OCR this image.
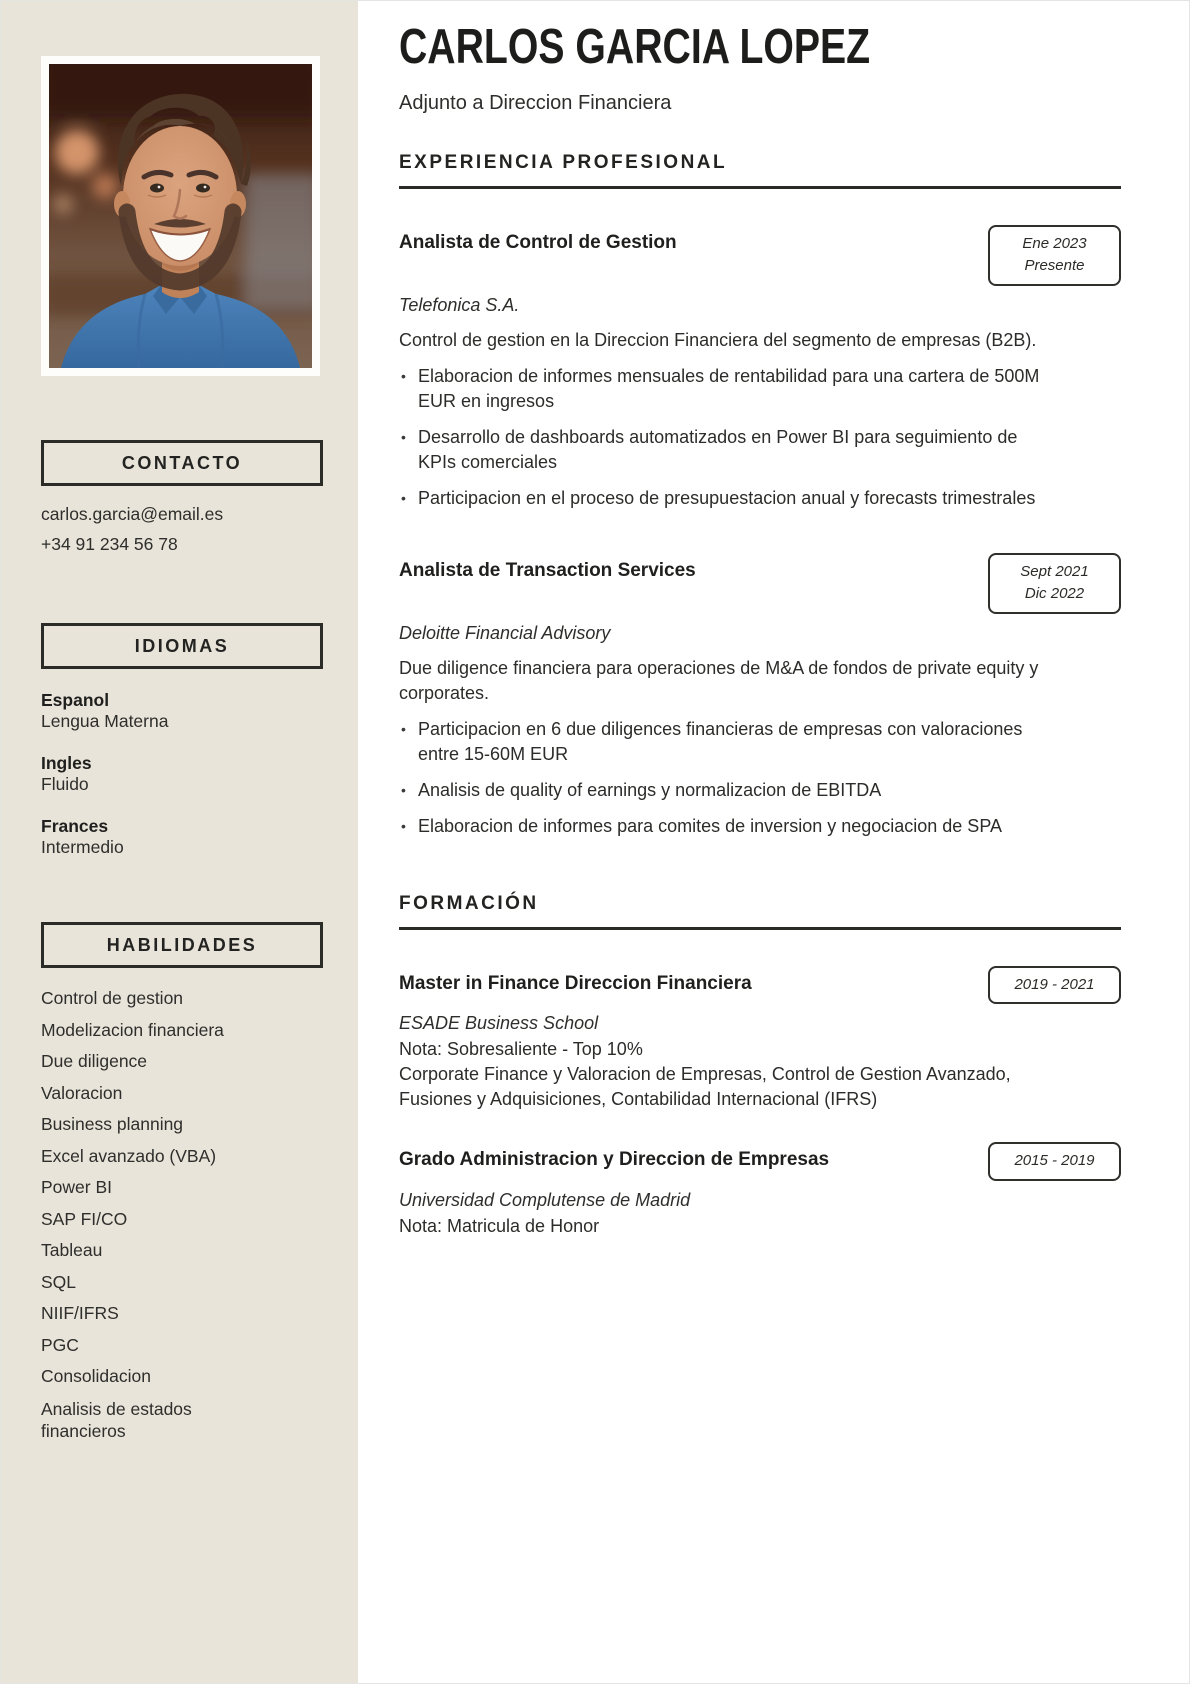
CONTACTO
carlos.garcia@email.es
+34 91 234 56 78
IDIOMAS
Espanol
Lengua Materna
Ingles
Fluido
Frances
Intermedio
HABILIDADES
Control de gestion
Modelizacion financiera
Due diligence
Valoracion
Business planning
Excel avanzado (VBA)
Power BI
SAP FI/CO
Tableau
SQL
NIIF/IFRS
PGC
Consolidacion
Analisis de estados financieros
CARLOS GARCIA LOPEZ
Adjunto a Direccion Financiera
EXPERIENCIA PROFESIONAL
Analista de Control de Gestion	Ene 2023
Presente
Telefonica S.A.

Control de gestion en la Direccion Financiera del segmento de empresas (B2B).

• Elaboracion de informes mensuales de rentabilidad para una cartera de 500M EUR en ingresos
• Desarrollo de dashboards automatizados en Power BI para seguimiento de KPIs comerciales
• Participacion en el proceso de presupuestacion anual y forecasts trimestrales
Analista de Transaction Services	Sept 2021
Dic 2022
Deloitte Financial Advisory

Due diligence financiera para operaciones de M&A de fondos de private equity y corporates.

• Participacion en 6 due diligences financieras de empresas con valoraciones entre 15-60M EUR
• Analisis de quality of earnings y normalizacion de EBITDA
• Elaboracion de informes para comites de inversion y negociacion de SPA
FORMACIÓN
Master in Finance Direccion Financiera	2019 - 2021
ESADE Business School
Nota: Sobresaliente - Top 10%
Corporate Finance y Valoracion de Empresas, Control de Gestion Avanzado, Fusiones y Adquisiciones, Contabilidad Internacional (IFRS)
Grado Administracion y Direccion de Empresas	2015 - 2019
Universidad Complutense de Madrid
Nota: Matricula de Honor
